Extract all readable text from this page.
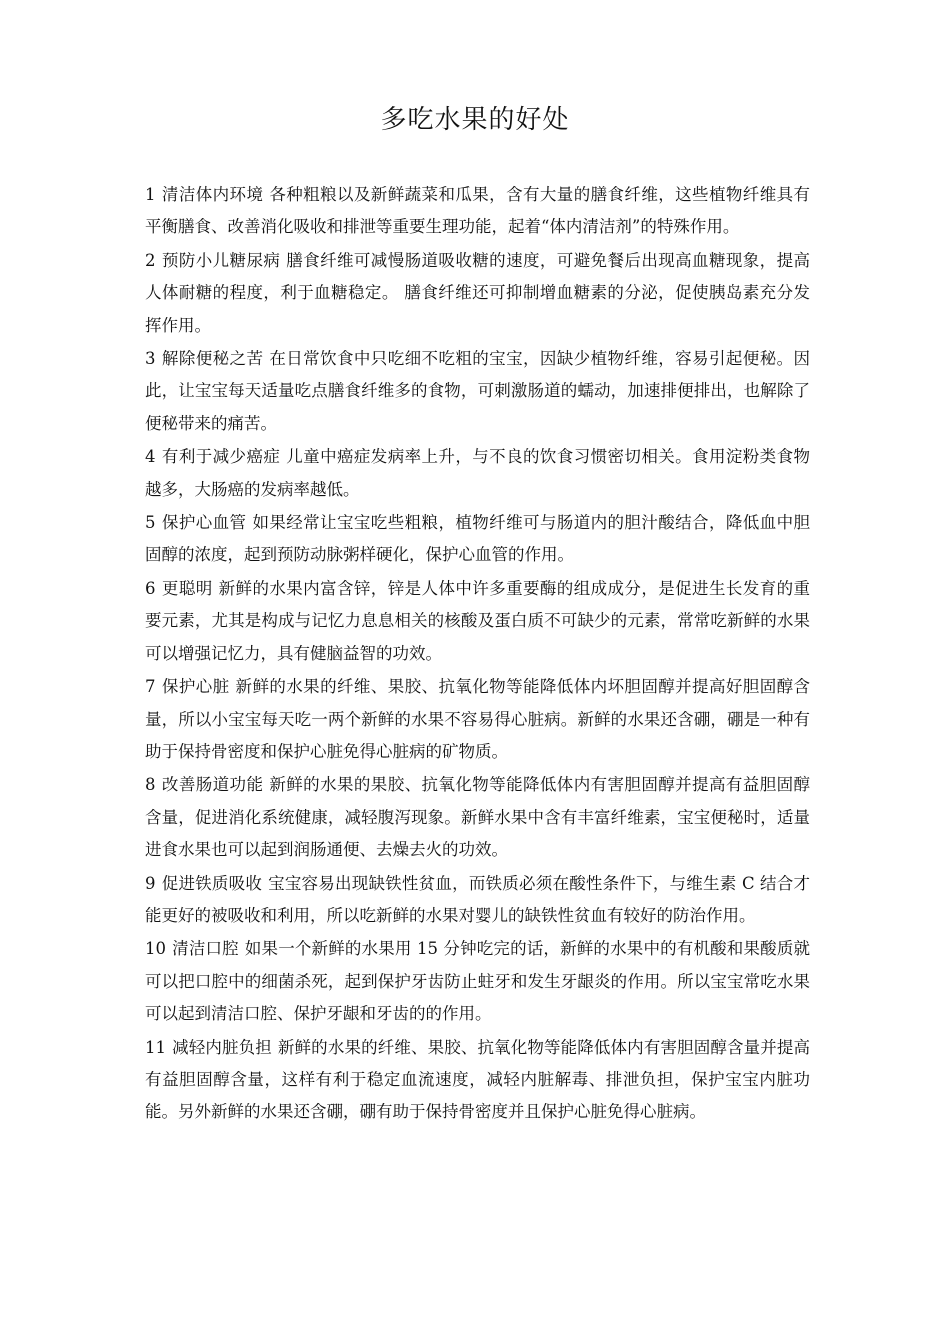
多吃水果的好处

1 清洁体内环境 各种粗粮以及新鲜蔬菜和瓜果，含有大量的膳食纤维，这些植物纤维具有平衡膳食、改善消化吸收和排泄等重要生理功能，起着“体内清洁剂”的特殊作用。

2 预防小儿糖尿病 膳食纤维可减慢肠道吸收糖的速度，可避免餐后出现高血糖现象，提高人体耐糖的程度，利于血糖稳定。 膳食纤维还可抑制增血糖素的分泌，促使胰岛素充分发挥作用。

3 解除便秘之苦 在日常饮食中只吃细不吃粗的宝宝，因缺少植物纤维，容易引起便秘。因此，让宝宝每天适量吃点膳食纤维多的食物，可刺激肠道的蠕动，加速排便排出，也解除了便秘带来的痛苦。

4 有利于减少癌症 儿童中癌症发病率上升，与不良的饮食习惯密切相关。食用淀粉类食物越多，大肠癌的发病率越低。

5 保护心血管 如果经常让宝宝吃些粗粮，植物纤维可与肠道内的胆汁酸结合，降低血中胆固醇的浓度，起到预防动脉粥样硬化，保护心血管的作用。

6 更聪明 新鲜的水果内富含锌，锌是人体中许多重要酶的组成成分，是促进生长发育的重要元素，尤其是构成与记忆力息息相关的核酸及蛋白质不可缺少的元素，常常吃新鲜的水果可以增强记忆力，具有健脑益智的功效。

7 保护心脏 新鲜的水果的纤维、果胶、抗氧化物等能降低体内坏胆固醇并提高好胆固醇含量，所以小宝宝每天吃一两个新鲜的水果不容易得心脏病。新鲜的水果还含硼，硼是一种有助于保持骨密度和保护心脏免得心脏病的矿物质。

8 改善肠道功能 新鲜的水果的果胶、抗氧化物等能降低体内有害胆固醇并提高有益胆固醇含量，促进消化系统健康，减轻腹泻现象。新鲜水果中含有丰富纤维素，宝宝便秘时，适量进食水果也可以起到润肠通便、去燥去火的功效。

9 促进铁质吸收 宝宝容易出现缺铁性贫血，而铁质必须在酸性条件下，与维生素 C 结合才能更好的被吸收和利用，所以吃新鲜的水果对婴儿的缺铁性贫血有较好的防治作用。

10 清洁口腔 如果一个新鲜的水果用 15 分钟吃完的话，新鲜的水果中的有机酸和果酸质就可以把口腔中的细菌杀死，起到保护牙齿防止蛀牙和发生牙龈炎的作用。所以宝宝常吃水果可以起到清洁口腔、保护牙龈和牙齿的的作用。

11 减轻内脏负担 新鲜的水果的纤维、果胶、抗氧化物等能降低体内有害胆固醇含量并提高有益胆固醇含量，这样有利于稳定血流速度，减轻内脏解毒、排泄负担，保护宝宝内脏功能。另外新鲜的水果还含硼，硼有助于保持骨密度并且保护心脏免得心脏病。
